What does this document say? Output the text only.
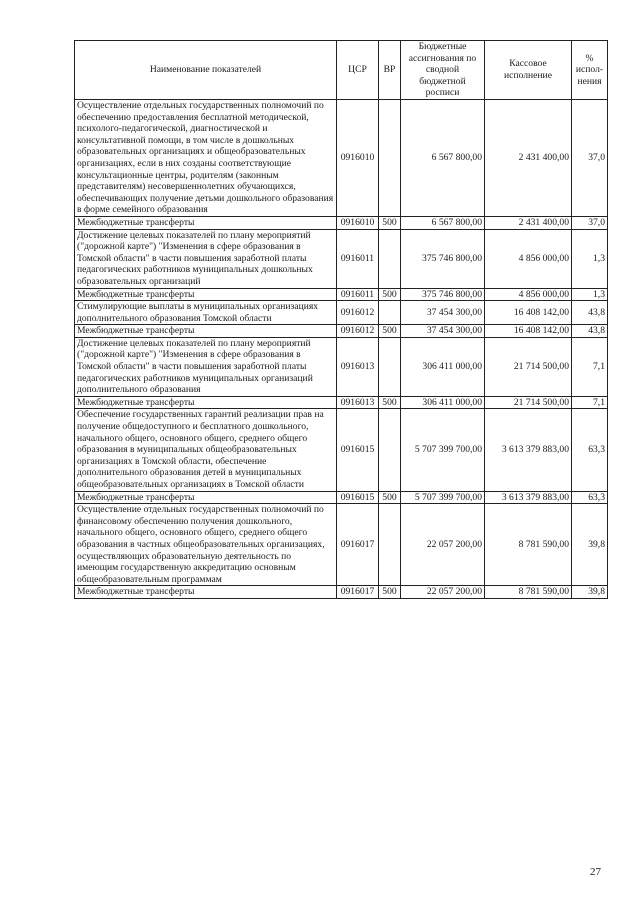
Наименование показателей	ЦСР	ВР	Бюджетные ассигнования по сводной бюджетной росписи	Кассовое исполнение	% испол-нения
Осуществление отдельных государственных полномочий по обеспечению предоставления бесплатной методической, психолого-педагогической, диагностической и консультативной помощи, в том числе в дошкольных образовательных организациях и общеобразовательных организациях, если в них созданы соответствующие консультационные центры, родителям (законным представителям) несовершеннолетних обучающихся, обеспечивающих получение детьми дошкольного образования в форме семейного образования	0916010		6 567 800,00	2 431 400,00	37,0
Межбюджетные трансферты	0916010	500	6 567 800,00	2 431 400,00	37,0
Достижение целевых показателей по плану мероприятий ("дорожной карте") "Изменения в сфере образования в Томской области" в части повышения заработной платы педагогических работников муниципальных дошкольных образовательных организаций	0916011		375 746 800,00	4 856 000,00	1,3
Межбюджетные трансферты	0916011	500	375 746 800,00	4 856 000,00	1,3
Стимулирующие выплаты в муниципальных организациях дополнительного образования Томской области	0916012		37 454 300,00	16 408 142,00	43,8
Межбюджетные трансферты	0916012	500	37 454 300,00	16 408 142,00	43,8
Достижение целевых показателей по плану мероприятий ("дорожной карте") "Изменения в сфере образования в Томской области" в части повышения заработной платы педагогических работников муниципальных организаций дополнительного образования	0916013		306 411 000,00	21 714 500,00	7,1
Межбюджетные трансферты	0916013	500	306 411 000,00	21 714 500,00	7,1
Обеспечение государственных гарантий реализации прав на получение общедоступного и бесплатного дошкольного, начального общего, основного общего, среднего общего образования в муниципальных общеобразовательных организациях в Томской области, обеспечение дополнительного образования детей в муниципальных общеобразовательных организациях в Томской области	0916015		5 707 399 700,00	3 613 379 883,00	63,3
Межбюджетные трансферты	0916015	500	5 707 399 700,00	3 613 379 883,00	63,3
Осуществление отдельных государственных полномочий по финансовому обеспечению получения дошкольного, начального общего, основного общего, среднего общего образования в частных общеобразовательных организациях, осуществляющих образовательную деятельность по имеющим государственную аккредитацию основным общеобразовательным программам	0916017		22 057 200,00	8 781 590,00	39,8
Межбюджетные трансферты	0916017	500	22 057 200,00	8 781 590,00	39,8
27
